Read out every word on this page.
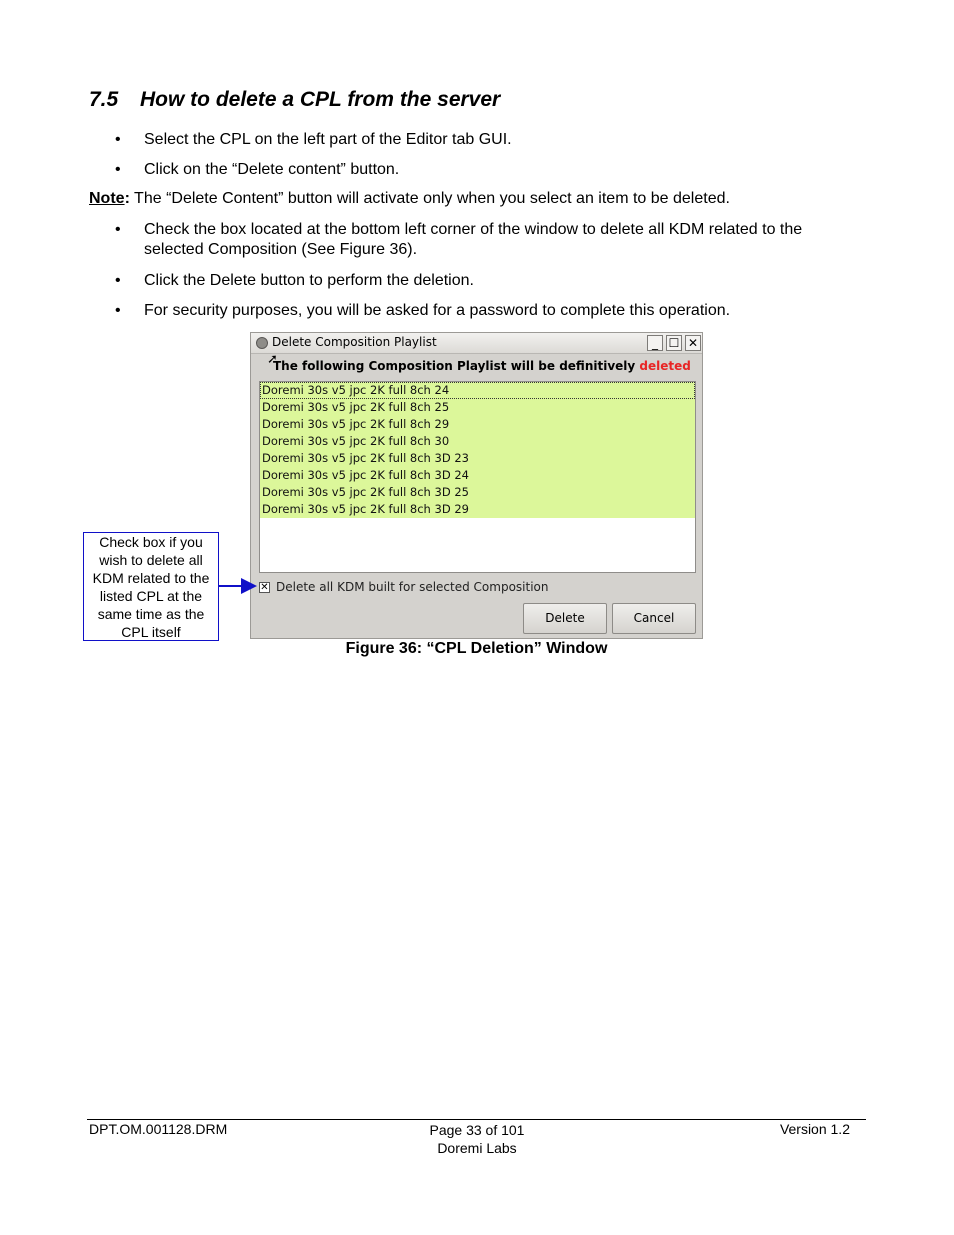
7.5 How to delete a CPL from the server
• Select the CPL on the left part of the Editor tab GUI.
• Click on the “Delete content” button.
Note: The “Delete Content” button will activate only when you select an item to be deleted.
• Check the box located at the bottom left corner of the window to delete all KDM related to the selected Composition (See Figure 36).
• Click the Delete button to perform the deletion.
• For security purposes, you will be asked for a password to complete this operation.
Delete Composition Playlist	_ ☐ ✕
➚
The following Composition Playlist will be definitively deleted
Doremi 30s v5 jpc 2K full 8ch 24
Doremi 30s v5 jpc 2K full 8ch 25
Doremi 30s v5 jpc 2K full 8ch 29
Doremi 30s v5 jpc 2K full 8ch 30
Doremi 30s v5 jpc 2K full 8ch 3D 23
Doremi 30s v5 jpc 2K full 8ch 3D 24
Doremi 30s v5 jpc 2K full 8ch 3D 25
Doremi 30s v5 jpc 2K full 8ch 3D 29
✕ Delete all KDM built for selected Composition
Delete	Cancel
Check box if you wish to delete all KDM related to the listed CPL at the same time as the CPL itself
Figure 36: “CPL Deletion” Window
DPT.OM.001128.DRM	Page 33 of 101
Doremi Labs
Version 1.2
